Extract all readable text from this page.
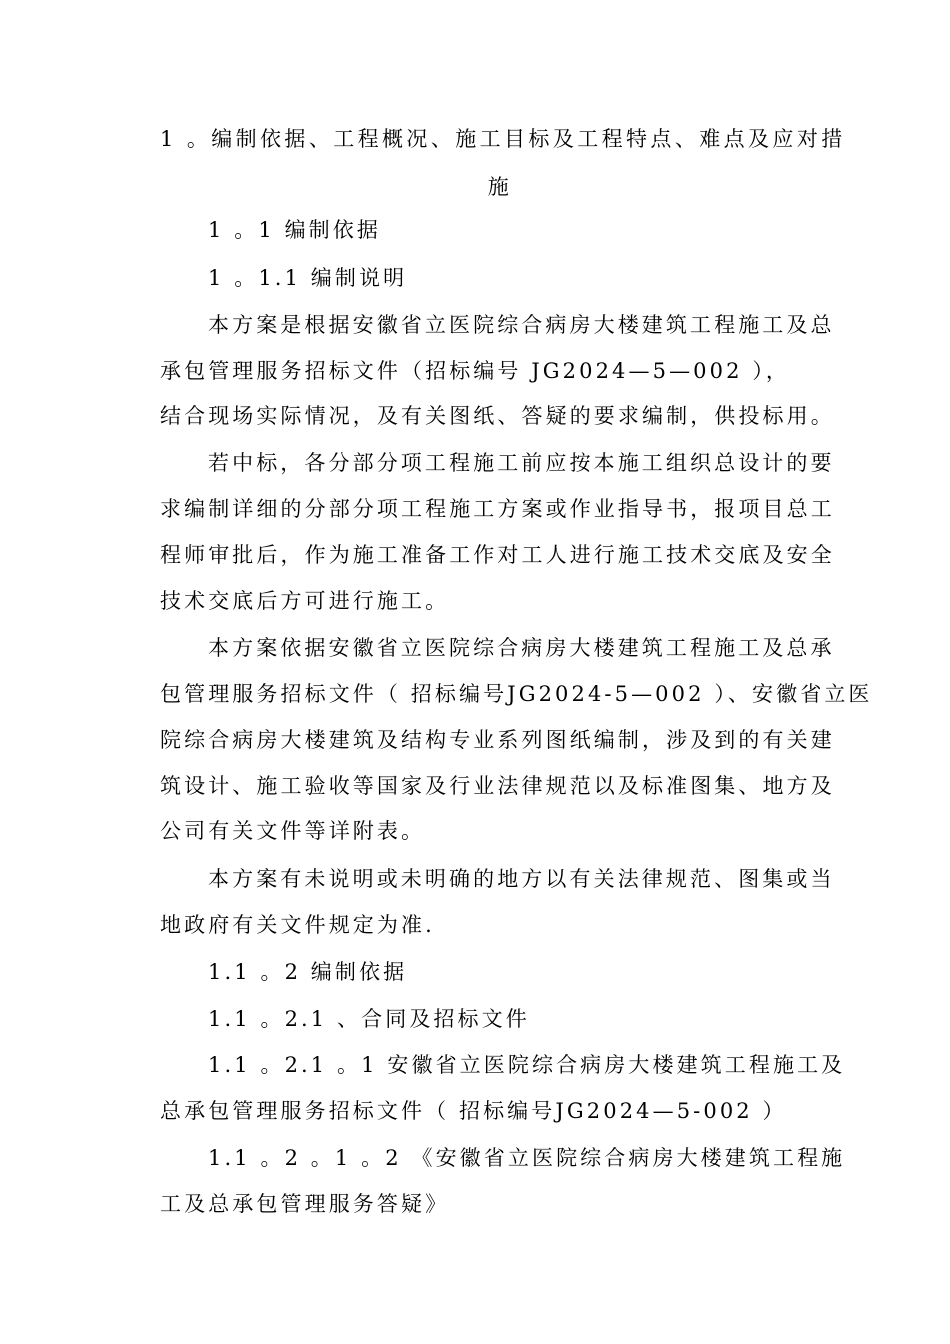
1 。编制依据、工程概况、施工目标及工程特点、难点及应对措
施
1 。1 编制依据
1 。1.1 编制说明
本方案是根据安徽省立医院综合病房大楼建筑工程施工及总
承包管理服务招标文件（招标编号 JG2024—5—002 ），
结合现场实际情况，及有关图纸、答疑的要求编制，供投标用。
若中标，各分部分项工程施工前应按本施工组织总设计的要
求编制详细的分部分项工程施工方案或作业指导书，报项目总工
程师审批后，作为施工准备工作对工人进行施工技术交底及安全
技术交底后方可进行施工。
本方案依据安徽省立医院综合病房大楼建筑工程施工及总承
包管理服务招标文件（ 招标编号JG2024-5—002 ）、安徽省立医
院综合病房大楼建筑及结构专业系列图纸编制，涉及到的有关建
筑设计、施工验收等国家及行业法律规范以及标准图集、地方及
公司有关文件等详附表。
本方案有未说明或未明确的地方以有关法律规范、图集或当
地政府有关文件规定为准.
1.1 。2 编制依据
1.1 。2.1 、合同及招标文件
1.1 。2.1 。1 安徽省立医院综合病房大楼建筑工程施工及
总承包管理服务招标文件（ 招标编号JG2024—5-002 ）
1.1 。2 。1 。2 《安徽省立医院综合病房大楼建筑工程施
工及总承包管理服务答疑》
